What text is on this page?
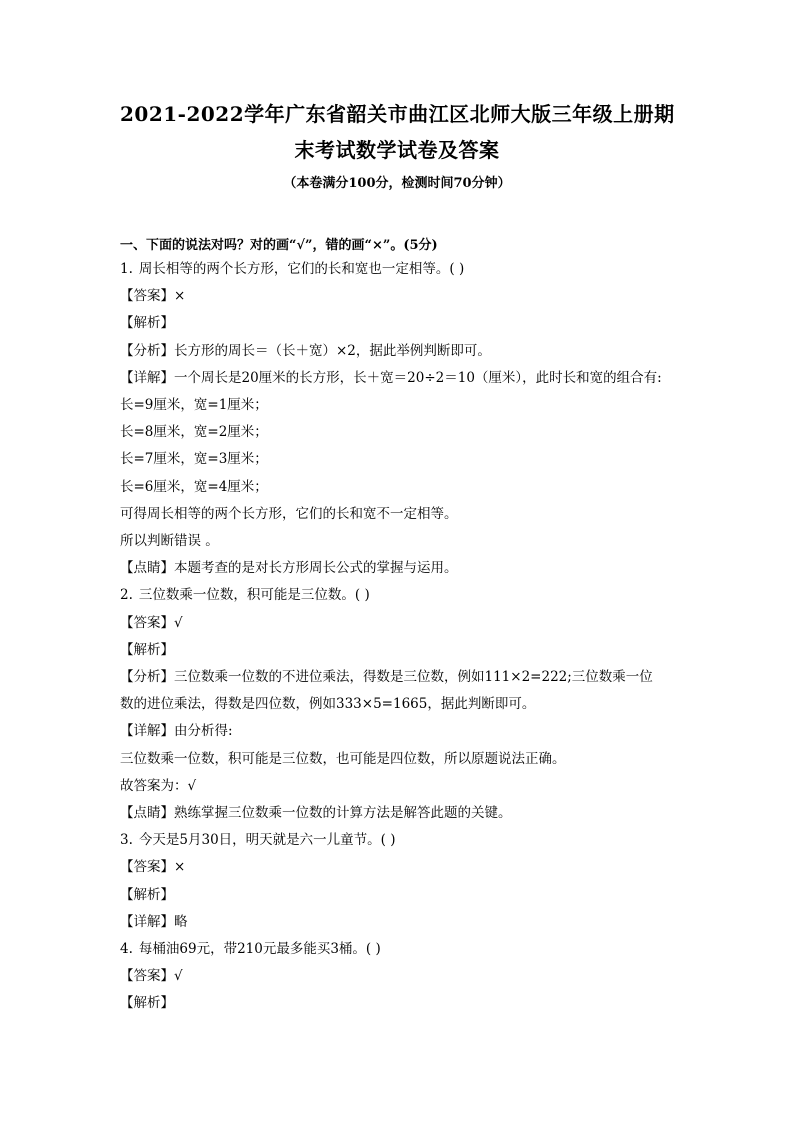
2021-2022学年广东省韶关市曲江区北师大版三年级上册期
末考试数学试卷及答案
（本卷满分100分，检测时间70分钟）
一、下面的说法对吗？对的画“√”，错的画“×”。(5分)
1. 周长相等的两个长方形，它们的长和宽也一定相等。( )
【答案】×
【解析】
【分析】长方形的周长＝（长＋宽）×2，据此举例判断即可。
【详解】一个周长是20厘米的长方形，长＋宽＝20÷2＝10（厘米），此时长和宽的组合有:
长=9厘米，宽=1厘米；
长=8厘米，宽=2厘米；
长=7厘米，宽=3厘米；
长=6厘米，宽=4厘米；
可得周长相等的两个长方形，它们的长和宽不一定相等。
所以判断错误 。
【点睛】本题考查的是对长方形周长公式的掌握与运用。
2. 三位数乘一位数，积可能是三位数。( )
【答案】√
【解析】
【分析】三位数乘一位数的不进位乘法，得数是三位数，例如111×2=222;三位数乘一位
数的进位乘法，得数是四位数，例如333×5=1665，据此判断即可。
【详解】由分析得:
三位数乘一位数，积可能是三位数，也可能是四位数，所以原题说法正确。
故答案为：√
【点睛】熟练掌握三位数乘一位数的计算方法是解答此题的关键。
3. 今天是5月30日，明天就是六一儿童节。( )
【答案】×
【解析】
【详解】略
4. 每桶油69元，带210元最多能买3桶。( )
【答案】√
【解析】
